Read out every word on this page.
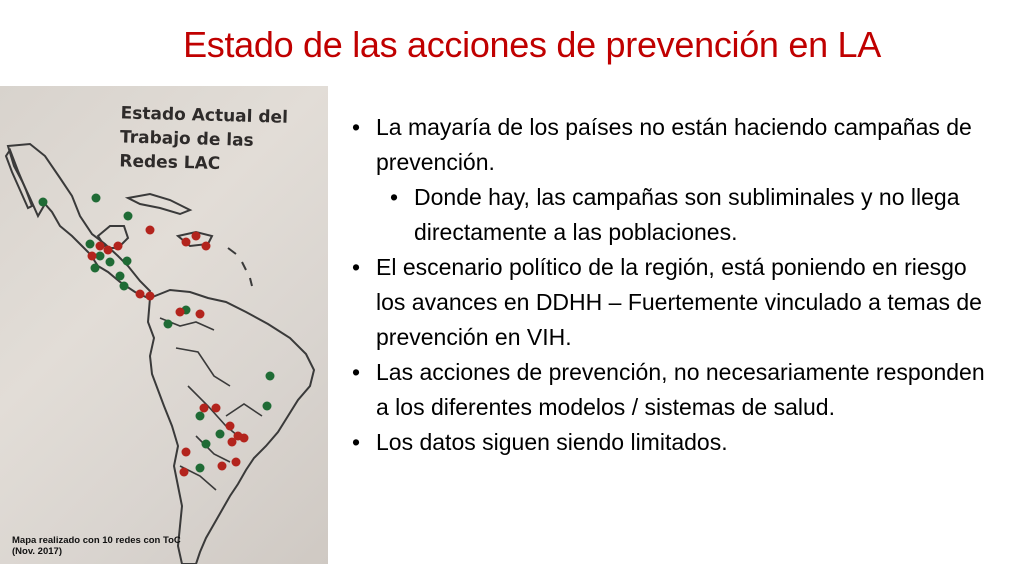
Estado de las acciones de prevención en LA
Estado Actual del
Trabajo de las
Redes LAC
Mapa realizado con 10 redes con ToC
(Nov. 2017)
• La mayaría de los países no están haciendo campañas de prevención.
• Donde hay, las campañas son subliminales y no llega directamente a las poblaciones.
• El escenario político de la región, está poniendo en riesgo los avances en DDHH – Fuertemente vinculado a temas de prevención en VIH.
• Las acciones de prevención, no necesariamente responden a los diferentes modelos / sistemas de salud.
• Los datos siguen siendo limitados.
